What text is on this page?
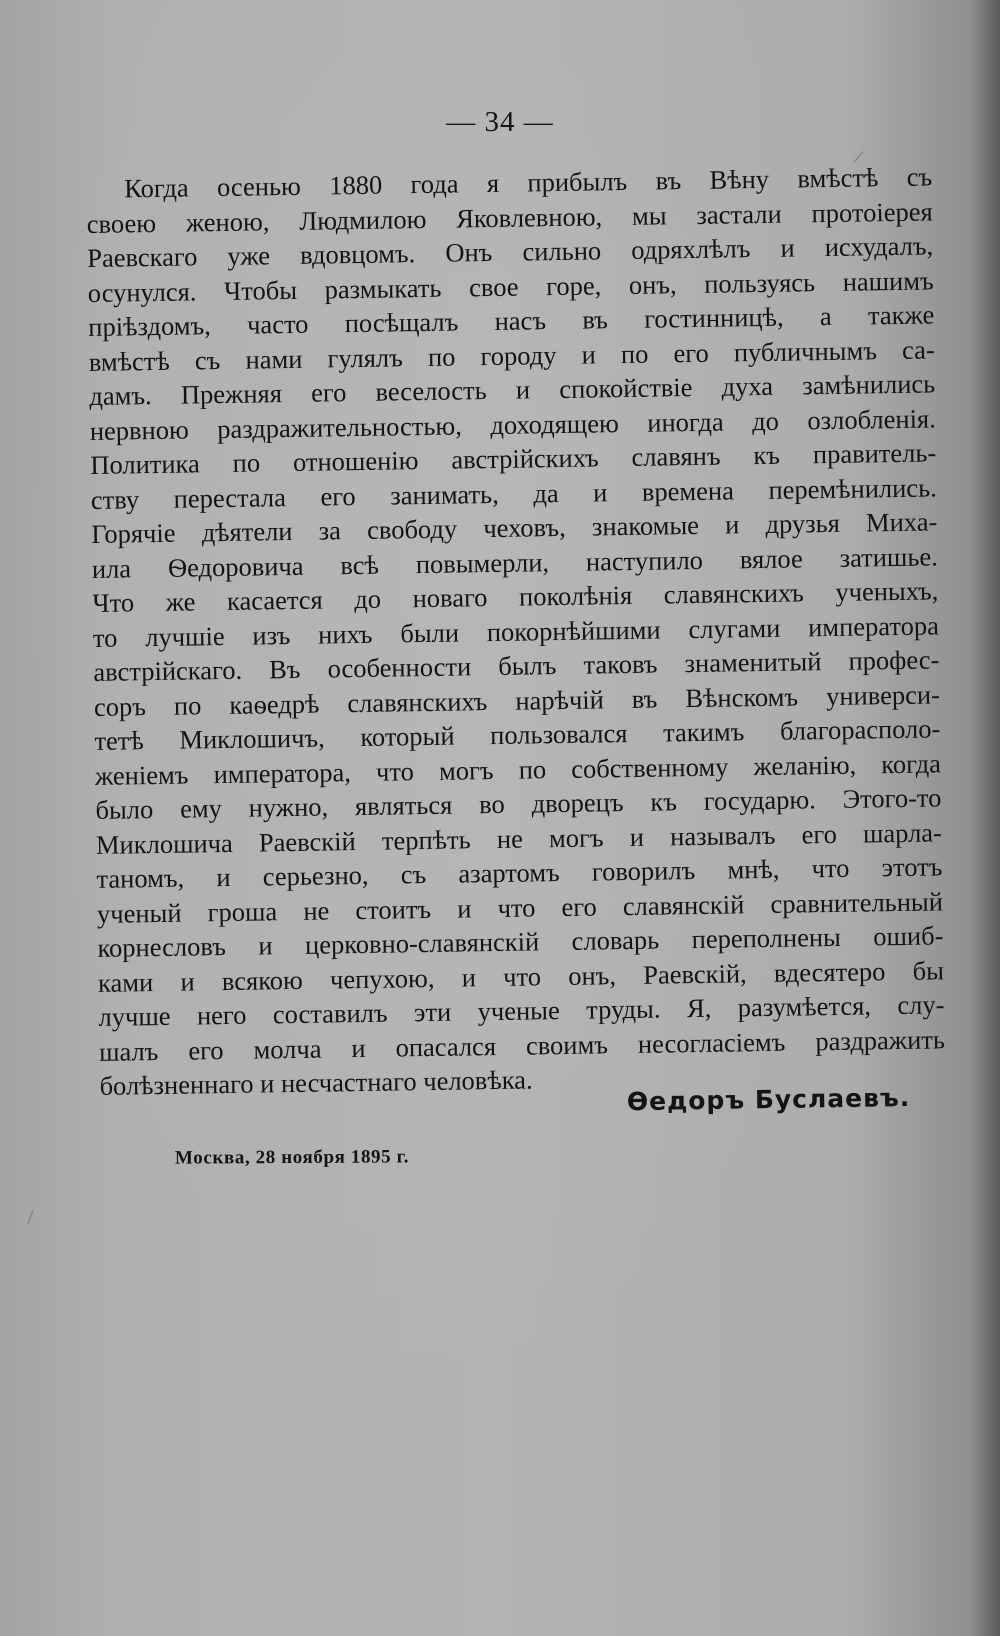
— 34 —
Когда осенью 1880 года я прибылъ въ Вѣну вмѣстѣ съ
своею женою, Людмилою Яковлевною, мы застали протоіерея
Раевскаго уже вдовцомъ. Онъ сильно одряхлѣлъ и исхудалъ,
осунулся. Чтобы размыкать свое горе, онъ, пользуясь нашимъ
пріѣздомъ, часто посѣщалъ насъ въ гостинницѣ, а также
вмѣстѣ съ нами гулялъ по городу и по его публичнымъ са-
дамъ. Прежняя его веселость и спокойствіе духа замѣнились
нервною раздражительностью, доходящею иногда до озлобленія.
Политика по отношенію австрійскихъ славянъ къ правитель-
ству перестала его занимать, да и времена перемѣнились.
Горячіе дѣятели за свободу чеховъ, знакомые и друзья Миха-
ила Ѳедоровича всѣ повымерли, наступило вялое затишье.
Что же касается до новаго поколѣнія славянскихъ ученыхъ,
то лучшіе изъ нихъ были покорнѣйшими слугами императора
австрійскаго. Въ особенности былъ таковъ знаменитый профес-
соръ по каѳедрѣ славянскихъ нарѣчій въ Вѣнскомъ универси-
тетѣ Миклошичъ, который пользовался такимъ благорасполо-
женіемъ императора, что могъ по собственному желанію, когда
было ему нужно, являться во дворецъ къ государю. Этого-то
Миклошича Раевскій терпѣть не могъ и называлъ его шарла-
таномъ, и серьезно, съ азартомъ говорилъ мнѣ, что этотъ
ученый гроша не стоитъ и что его славянскій сравнительный
корнесловъ и церковно-славянскій словарь переполнены ошиб-
ками и всякою чепухою, и что онъ, Раевскій, вдесятеро бы
лучше него составилъ эти ученые труды. Я, разумѣется, слу-
шалъ его молча и опасался своимъ несогласіемъ раздражить
болѣзненнаго и несчастнаго человѣка.	Ѳедоръ Буслаевъ.
Москва, 28 ноября 1895 г.
